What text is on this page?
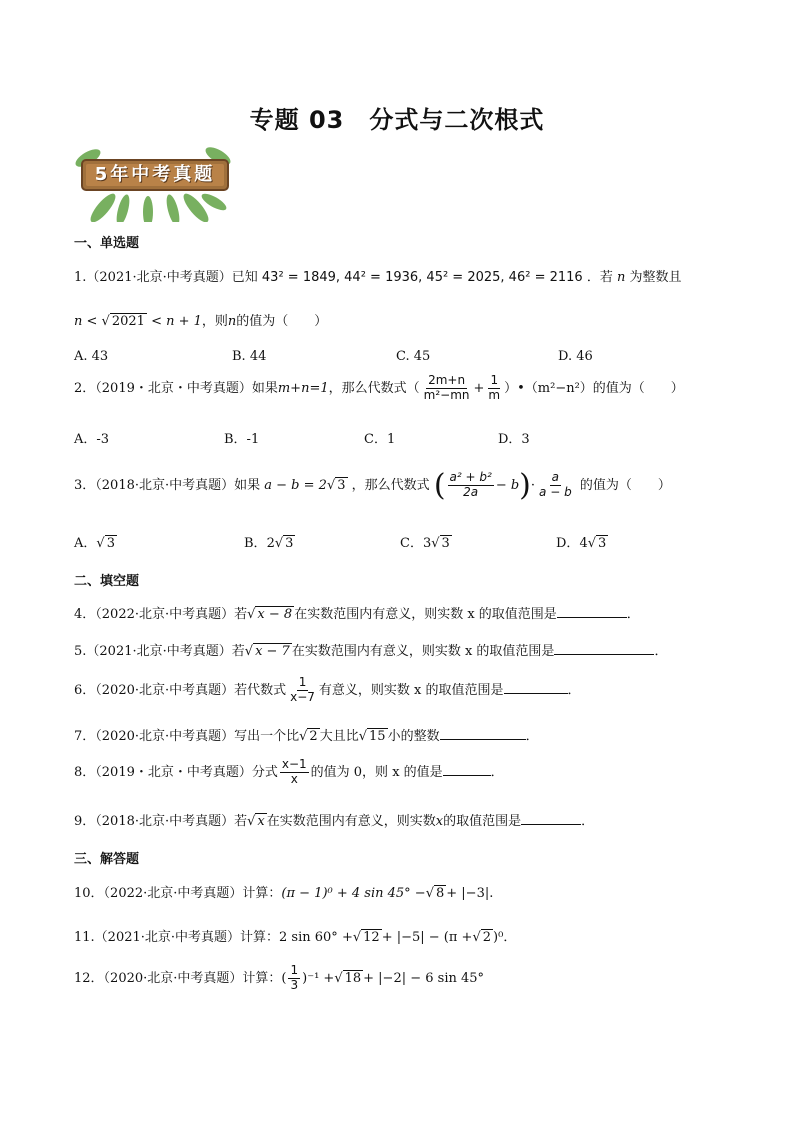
专题 03　分式与二次根式
5年中考真题
一、单选题
1.（2021·北京·中考真题）已知 43² = 1849, 44² = 1936, 45² = 2025, 46² = 2116 ．若 n 为整数且
n < √ 2021 < n + 1，则n的值为（　　）
A. 43	B. 44	C. 45	D. 46
2．（2019・北京・中考真题）如果m+n=1，那么代数式（ $\frac{2m+n}{\text{m²−mn}} + \frac{1}{m}$ ）•（m²−n²）的值为（　　）
A．-3	B．-1	C．1	D．3
3．（2018·北京·中考真题）如果 a − b = 2√ 3 ，那么代数式 ( $\frac{\text{a² + b²}}{2a} - b)\cdot \frac{a}{a - b}$ 的值为（　　）
A．√ 3	B．2√ 3	C．3√ 3	D．4√ 3
二、填空题
4．（2022·北京·中考真题）若√ x − 8 在实数范围内有意义，则实数 x 的取值范围是	．
5.（2021·北京·中考真题）若√ x − 7 在实数范围内有意义，则实数 x 的取值范围是	．
6．（2020·北京·中考真题）若代数式 $\frac{1}{x-7}$ 有意义，则实数 x 的取值范围是	．
7．（2020·北京·中考真题）写出一个比√ 2 大且比√ 15 小的整数	．
8．（2019・北京・中考真题）分式 $\frac{x-1}{x}$ 的值为 0，则 x 的值是	．
9．（2018·北京·中考真题）若√ x 在实数范围内有意义，则实数x的取值范围是	．
三、解答题
10．（2022·北京·中考真题）计算：(π − 1)⁰ + 4 sin 45° −√ 8 + |−3|.
11.（2021·北京·中考真题）计算：2 sin 60° +√ 12 + |−5| − (π +√ 2 )⁰．
12．（2020·北京·中考真题）计算：( $\frac{1}{3} )^{-1}$ +√ 18 + |−2| − 6 sin 45°
